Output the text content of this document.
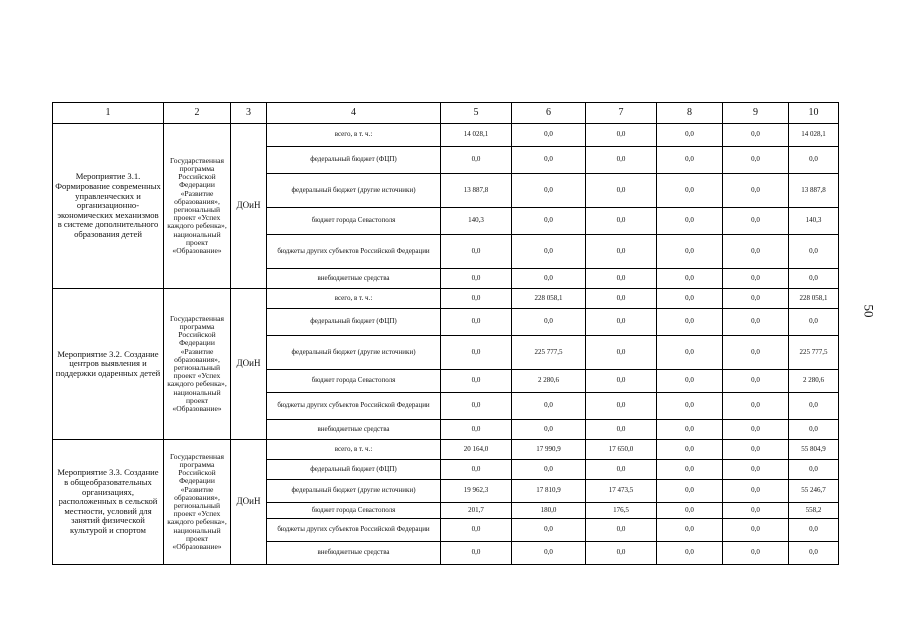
1	2	3	4	5	6	7	8	9	10
Мероприятие 3.1. Формирование современных управленческих и организационно-экономических механизмов в системе дополнительного образования детей	Государственная программа Российской Федерации «Развитие образования», региональный проект «Успех каждого ребенка», национальный проект «Образование»	ДОиН	всего, в т. ч.:	14 028,1	0,0	0,0	0,0	0,0	14 028,1
			федеральный бюджет (ФЦП)	0,0	0,0	0,0	0,0	0,0	0,0
			федеральный бюджет (другие источники)	13 887,8	0,0	0,0	0,0	0,0	13 887,8
			бюджет города Севастополя	140,3	0,0	0,0	0,0	0,0	140,3
			бюджеты других субъектов Российской Федерации	0,0	0,0	0,0	0,0	0,0	0,0
			внебюджетные средства	0,0	0,0	0,0	0,0	0,0	0,0
Мероприятие 3.2. Создание центров выявления и поддержки одаренных детей	Государственная программа Российской Федерации «Развитие образования», региональный проект «Успех каждого ребенка», национальный проект «Образование»	ДОиН	всего, в т. ч.:	0,0	228 058,1	0,0	0,0	0,0	228 058,1
			федеральный бюджет (ФЦП)	0,0	0,0	0,0	0,0	0,0	0,0
			федеральный бюджет (другие источники)	0,0	225 777,5	0,0	0,0	0,0	225 777,5
			бюджет города Севастополя	0,0	2 280,6	0,0	0,0	0,0	2 280,6
			бюджеты других субъектов Российской Федерации	0,0	0,0	0,0	0,0	0,0	0,0
			внебюджетные средства	0,0	0,0	0,0	0,0	0,0	0,0
Мероприятие 3.3. Создание в общеобразовательных организациях, расположенных в сельской местности, условий для занятий физической культурой и спортом	Государственная программа Российской Федерации «Развитие образования», региональный проект «Успех каждого ребенка», национальный проект «Образование»	ДОиН	всего, в т. ч.:	20 164,0	17 990,9	17 650,0	0,0	0,0	55 804,9
			федеральный бюджет (ФЦП)	0,0	0,0	0,0	0,0	0,0	0,0
			федеральный бюджет (другие источники)	19 962,3	17 810,9	17 473,5	0,0	0,0	55 246,7
			бюджет города Севастополя	201,7	180,0	176,5	0,0	0,0	558,2
			бюджеты других субъектов Российской Федерации	0,0	0,0	0,0	0,0	0,0	0,0
			внебюджетные средства	0,0	0,0	0,0	0,0	0,0	0,0
50
